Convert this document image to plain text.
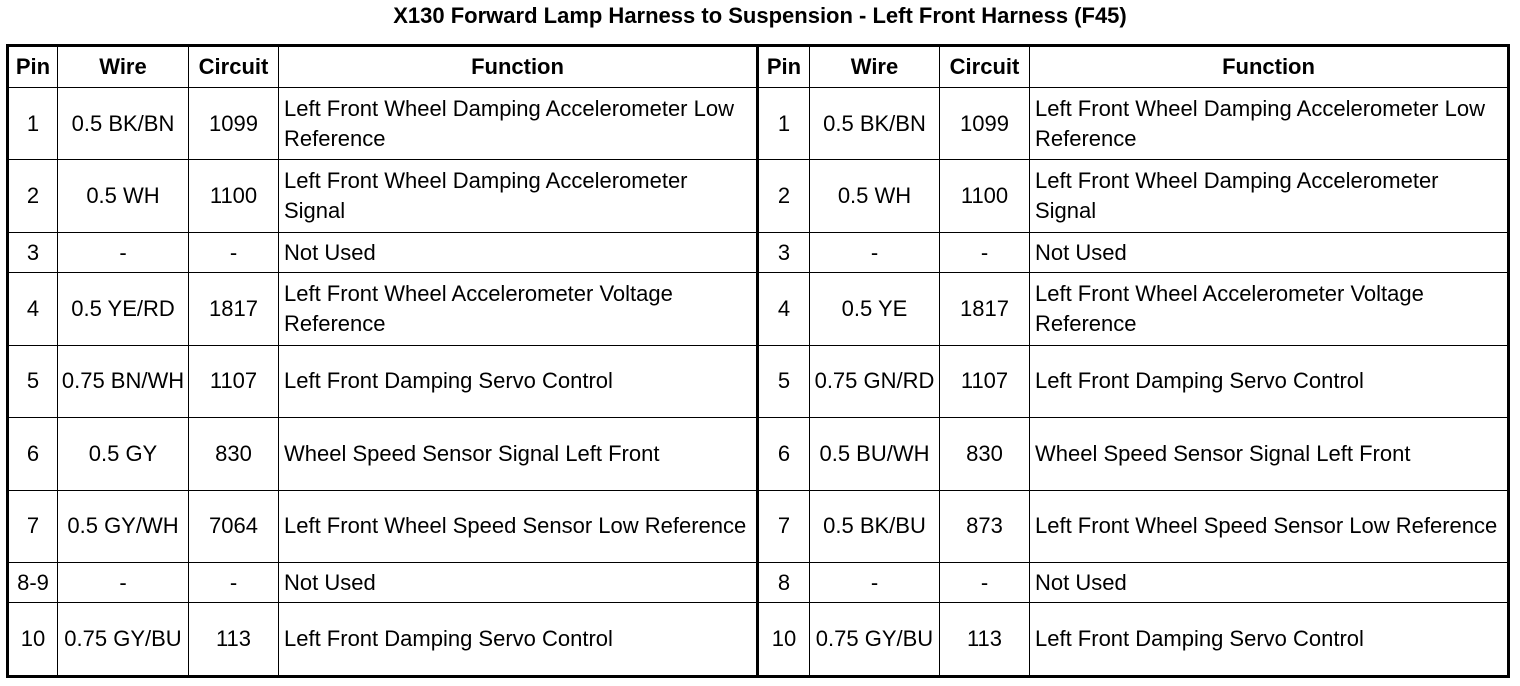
X130 Forward Lamp Harness to Suspension - Left Front Harness (F45)
Pin	Wire	Circuit	Function	Pin	Wire	Circuit	Function
1	0.5 BK/BN	1099	Left Front Wheel Damping Accelerometer Low Reference	1	0.5 BK/BN	1099	Left Front Wheel Damping Accelerometer Low Reference
2	0.5 WH	1100	Left Front Wheel Damping Accelerometer Signal	2	0.5 WH	1100	Left Front Wheel Damping Accelerometer Signal
3	-	-	Not Used	3	-	-	Not Used
4	0.5 YE/RD	1817	Left Front Wheel Accelerometer Voltage Reference	4	0.5 YE	1817	Left Front Wheel Accelerometer Voltage Reference
5	0.75 BN/WH	1107	Left Front Damping Servo Control	5	0.75 GN/RD	1107	Left Front Damping Servo Control
6	0.5 GY	830	Wheel Speed Sensor Signal Left Front	6	0.5 BU/WH	830	Wheel Speed Sensor Signal Left Front
7	0.5 GY/WH	7064	Left Front Wheel Speed Sensor Low Reference	7	0.5 BK/BU	873	Left Front Wheel Speed Sensor Low Reference
8-9	-	-	Not Used	8	-	-	Not Used
10	0.75 GY/BU	113	Left Front Damping Servo Control	10	0.75 GY/BU	113	Left Front Damping Servo Control
